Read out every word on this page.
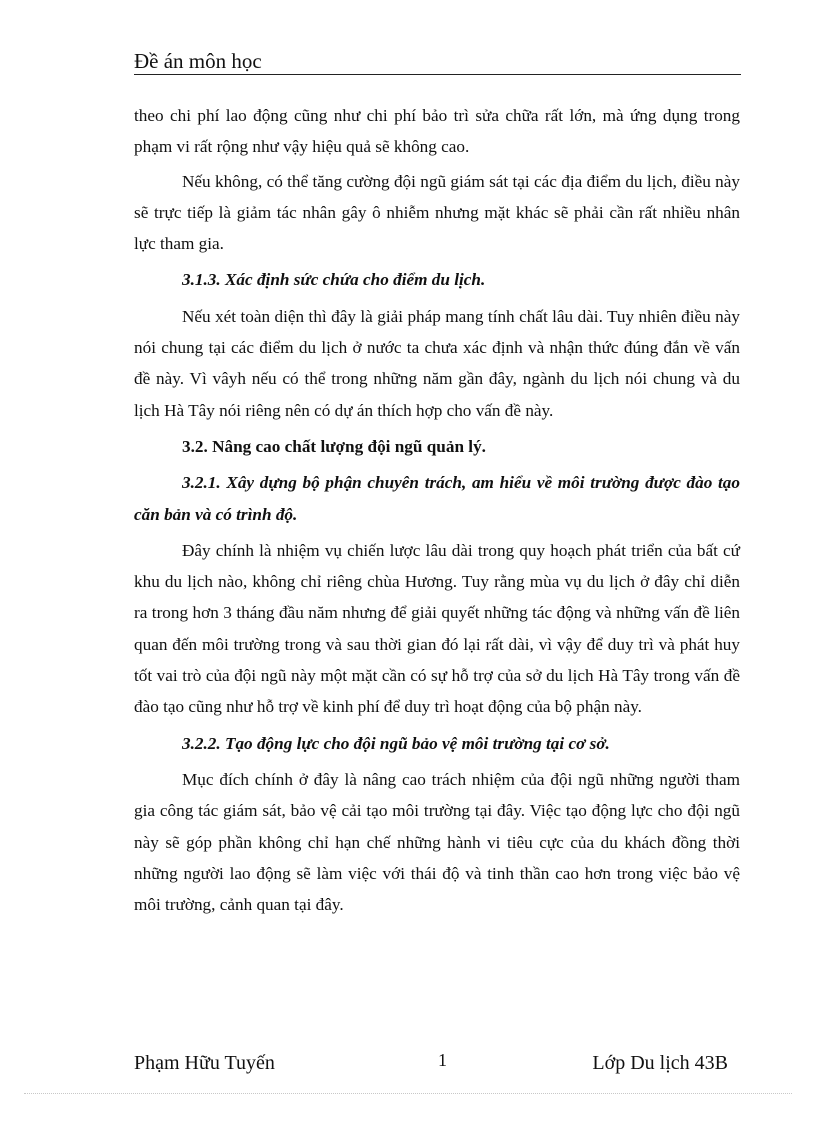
Đề án môn học

theo chi phí lao động cũng như chi phí bảo trì sửa chữa rất lớn, mà ứng dụng trong phạm vi rất rộng như vậy hiệu quả sẽ không cao.

Nếu không, có thể tăng cường đội ngũ giám sát tại các địa điểm du lịch, điều này sẽ trực tiếp là giảm tác nhân gây ô nhiễm nhưng mặt khác sẽ phải cần rất nhiều nhân lực tham gia.

3.1.3. Xác định sức chứa cho điểm du lịch.

Nếu xét toàn diện thì đây là giải pháp mang tính chất lâu dài. Tuy nhiên điều này nói chung tại các điểm du lịch ở nước ta chưa xác định và nhận thức đúng đắn về vấn đề này. Vì vâyh nếu có thể trong những năm gần đây, ngành du lịch nói chung và du lịch Hà Tây nói riêng nên có dự án thích hợp cho vấn đề này.

3.2. Nâng cao chất lượng đội ngũ quản lý.

3.2.1. Xây dựng bộ phận chuyên trách, am hiểu về môi trường được đào tạo căn bản và có trình độ.

Đây chính là nhiệm vụ chiến lược lâu dài trong quy hoạch phát triển của bất cứ khu du lịch nào, không chỉ riêng chùa Hương. Tuy rằng mùa vụ du lịch ở đây chỉ diễn ra trong hơn 3 tháng đầu năm nhưng để giải quyết những tác động và những vấn đề liên quan đến môi trường trong và sau thời gian đó lại rất dài, vì vậy để duy trì và phát huy tốt vai trò của đội ngũ này một mặt cần có sự hỗ trợ của sở du lịch Hà Tây trong vấn đề đào tạo cũng như hỗ trợ về kinh phí để duy trì hoạt động của bộ phận này.

3.2.2. Tạo động lực cho đội ngũ bảo vệ môi trường tại cơ sở.

Mục đích chính ở đây là nâng cao trách nhiệm của đội ngũ những người tham gia công tác giám sát, bảo vệ cải tạo môi trường tại đây. Việc tạo động lực cho đội ngũ này sẽ góp phần không chỉ hạn chế những hành vi tiêu cực của du khách đồng thời những người lao động sẽ làm việc với thái độ và tinh thần cao hơn trong việc bảo vệ môi trường, cảnh quan tại đây.

Phạm Hữu Tuyến	1	Lớp Du lịch 43B
